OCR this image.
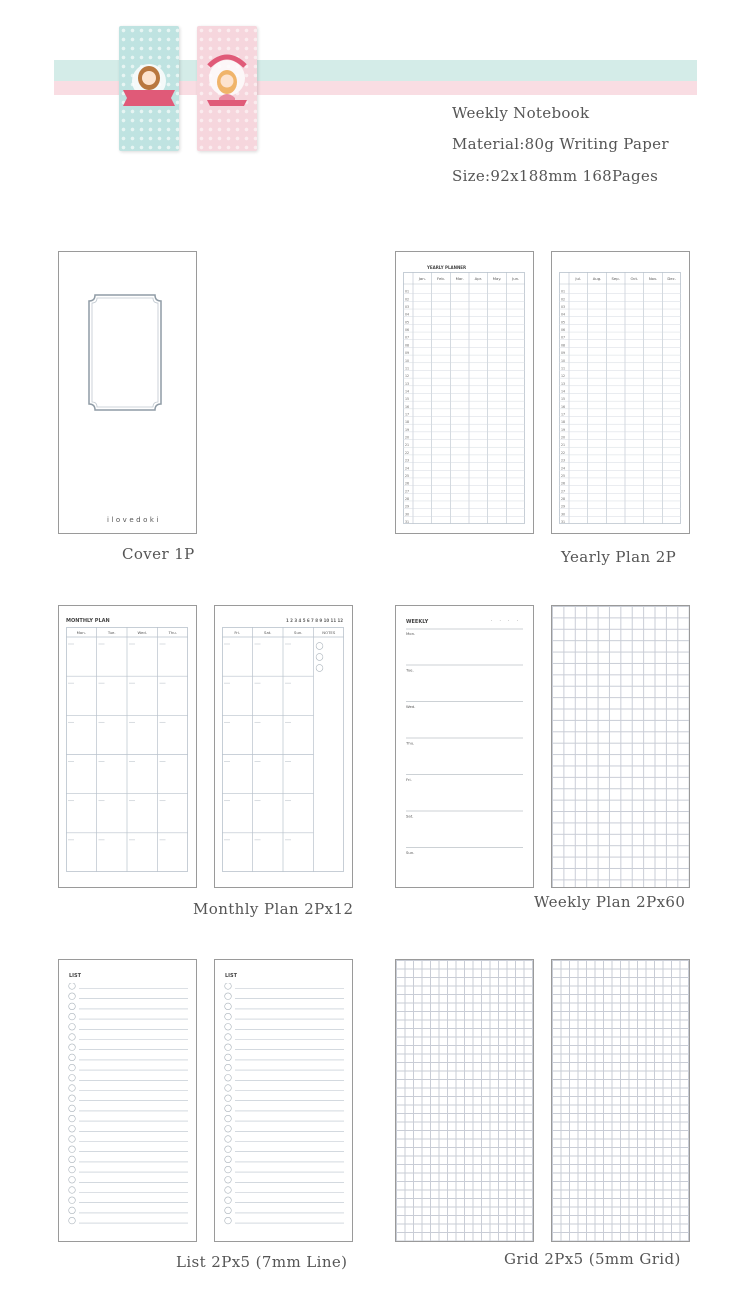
Weekly Notebook
Material:80g Writing Paper
Size:92x188mm 168Pages
ilovedoki
Cover 1P
YEARLY PLANNER
Jan.	Feb.	Mar.	Apr.	May.	Jun.
01
02
03
04
05
06
07
08
09
10
11
12
13
14
15
16
17
18
19
20
21
22
23
24
25
26
27
28
29
30
31
Jul.	Aug.	Sep.	Oct.	Nov.	Dec.
01
02
03
04
05
06
07
08
09
10
11
12
13
14
15
16
17
18
19
20
21
22
23
24
25
26
27
28
29
30
31
Yearly Plan 2P
MONTHLY PLAN
Mon.	Tue.	Wed.	Thu.
1 2 3 4 5 6 7 8 9 10 11 12
Fri.	Sat.	Sun.	NOTES
Monthly Plan 2Px12
WEEKLY	· · · ·
Mon.
Tue.
Wed.
Thu.
Fri.
Sat.
Sun.
Weekly Plan 2Px60
LIST	LIST
List 2Px5 (7mm Line)	Grid 2Px5 (5mm Grid)
